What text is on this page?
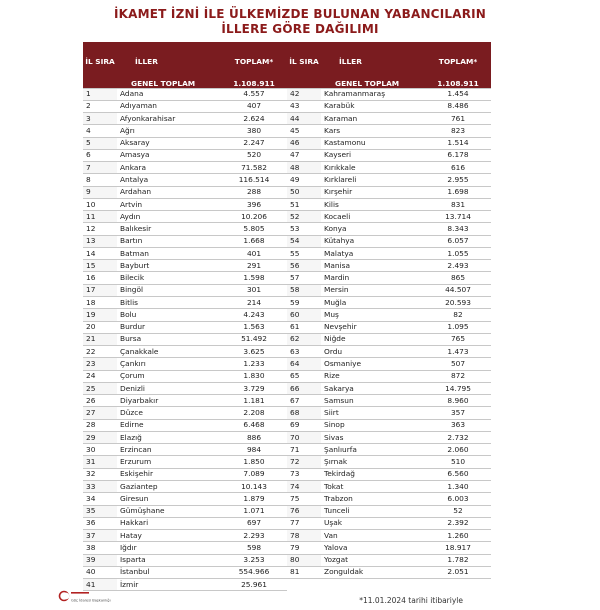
İKAMET İZNİ İLE ÜLKEMİZDE BULUNAN YABANCILARIN
İLLERE GÖRE DAĞILIMI
İL SIRA	İLLER	TOPLAM*
	GENEL TOPLAM	1.108.911
1	Adana	4.557
2	Adıyaman	407
3	Afyonkarahisar	2.624
4	Ağrı	380
5	Aksaray	2.247
6	Amasya	520
7	Ankara	71.582
8	Antalya	116.514
9	Ardahan	288
10	Artvin	396
11	Aydın	10.206
12	Balıkesir	5.805
13	Bartın	1.668
14	Batman	401
15	Bayburt	291
16	Bilecik	1.598
17	Bingöl	301
18	Bitlis	214
19	Bolu	4.243
20	Burdur	1.563
21	Bursa	51.492
22	Çanakkale	3.625
23	Çankırı	1.233
24	Çorum	1.830
25	Denizli	3.729
26	Diyarbakır	1.181
27	Düzce	2.208
28	Edirne	6.468
29	Elazığ	886
30	Erzincan	984
31	Erzurum	1.850
32	Eskişehir	7.089
33	Gaziantep	10.143
34	Giresun	1.879
35	Gümüşhane	1.071
36	Hakkari	697
37	Hatay	2.293
38	Iğdır	598
39	Isparta	3.253
40	İstanbul	554.966
41	İzmir	25.961
İL SIRA	İLLER	TOPLAM*
	GENEL TOPLAM	1.108.911
42	Kahramanmaraş	1.454
43	Karabük	8.486
44	Karaman	761
45	Kars	823
46	Kastamonu	1.514
47	Kayseri	6.178
48	Kırıkkale	616
49	Kırklareli	2.955
50	Kırşehir	1.698
51	Kilis	831
52	Kocaeli	13.714
53	Konya	8.343
54	Kütahya	6.057
55	Malatya	1.055
56	Manisa	2.493
57	Mardin	865
58	Mersin	44.507
59	Muğla	20.593
60	Muş	82
61	Nevşehir	1.095
62	Niğde	765
63	Ordu	1.473
64	Osmaniye	507
65	Rize	872
66	Sakarya	14.795
67	Samsun	8.960
68	Siirt	357
69	Sinop	363
70	Sivas	2.732
71	Şanlıurfa	2.060
72	Şırnak	510
73	Tekirdağ	6.560
74	Tokat	1.340
75	Trabzon	6.003
76	Tunceli	52
77	Uşak	2.392
78	Van	1.260
79	Yalova	18.917
80	Yozgat	1.782
81	Zonguldak	2.051
Göç İdaresi Başkanlığı	*11.01.2024 tarihi itibariyle
